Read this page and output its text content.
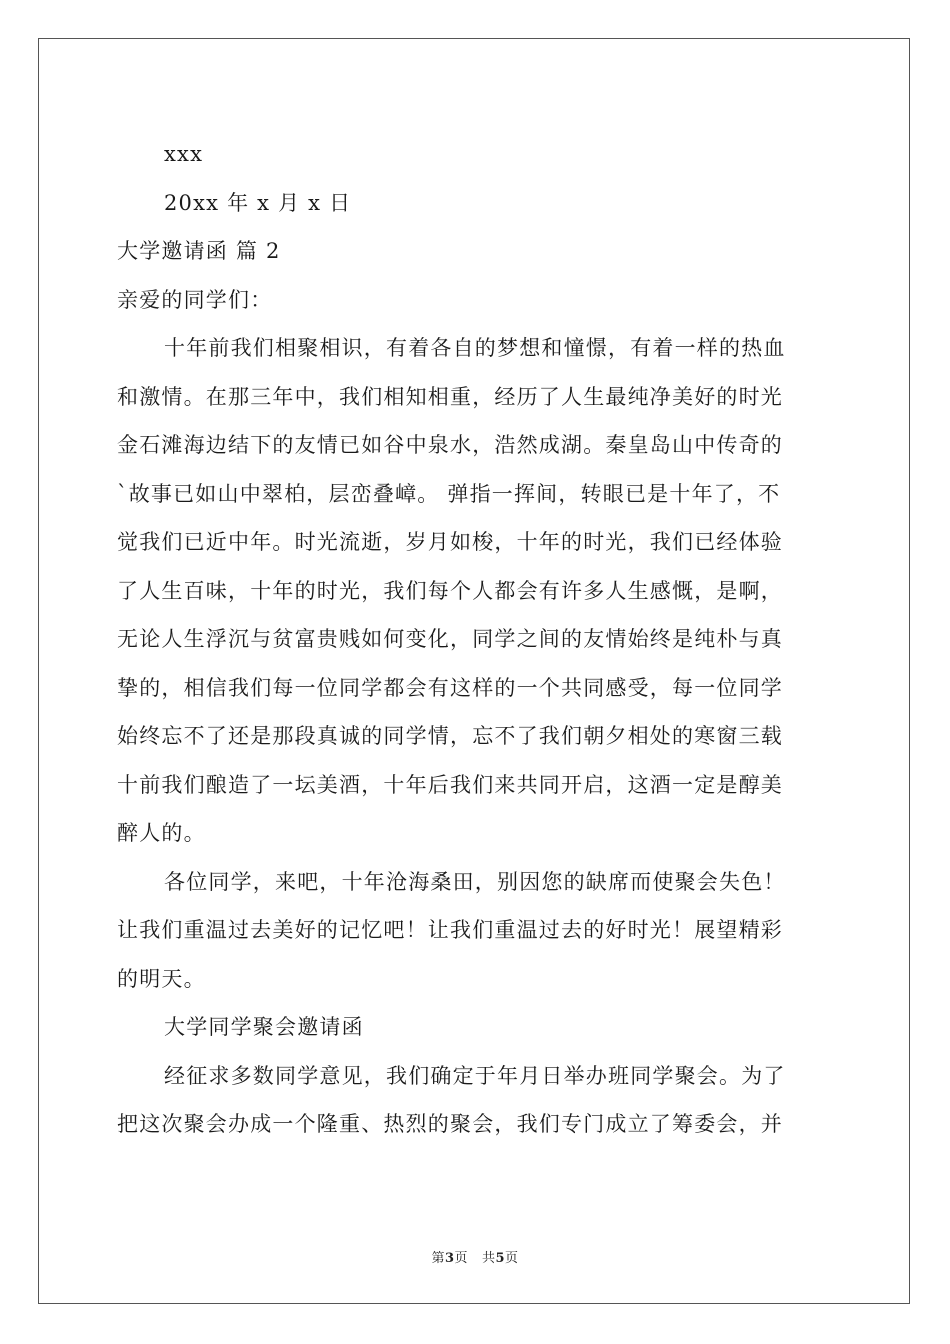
xxx
20xx 年 x 月 x 日
大学邀请函 篇 2
亲爱的同学们：
十年前我们相聚相识，有着各自的梦想和憧憬，有着一样的热血
和激情。在那三年中，我们相知相重，经历了人生最纯净美好的时光
金石滩海边结下的友情已如谷中泉水，浩然成湖。秦皇岛山中传奇的
`故事已如山中翠柏，层峦叠嶂。 弹指一挥间，转眼已是十年了，不
觉我们已近中年。时光流逝，岁月如梭，十年的时光，我们已经体验
了人生百味，十年的时光，我们每个人都会有许多人生感慨，是啊，
无论人生浮沉与贫富贵贱如何变化，同学之间的友情始终是纯朴与真
挚的，相信我们每一位同学都会有这样的一个共同感受，每一位同学
始终忘不了还是那段真诚的同学情，忘不了我们朝夕相处的寒窗三载
十前我们酿造了一坛美酒，十年后我们来共同开启，这酒一定是醇美
醉人的。
各位同学，来吧，十年沧海桑田，别因您的缺席而使聚会失色！
让我们重温过去美好的记忆吧！让我们重温过去的好时光！展望精彩
的明天。
大学同学聚会邀请函
经征求多数同学意见，我们确定于年月日举办班同学聚会。为了
把这次聚会办成一个隆重、热烈的聚会，我们专门成立了筹委会，并
第3页 共5页
